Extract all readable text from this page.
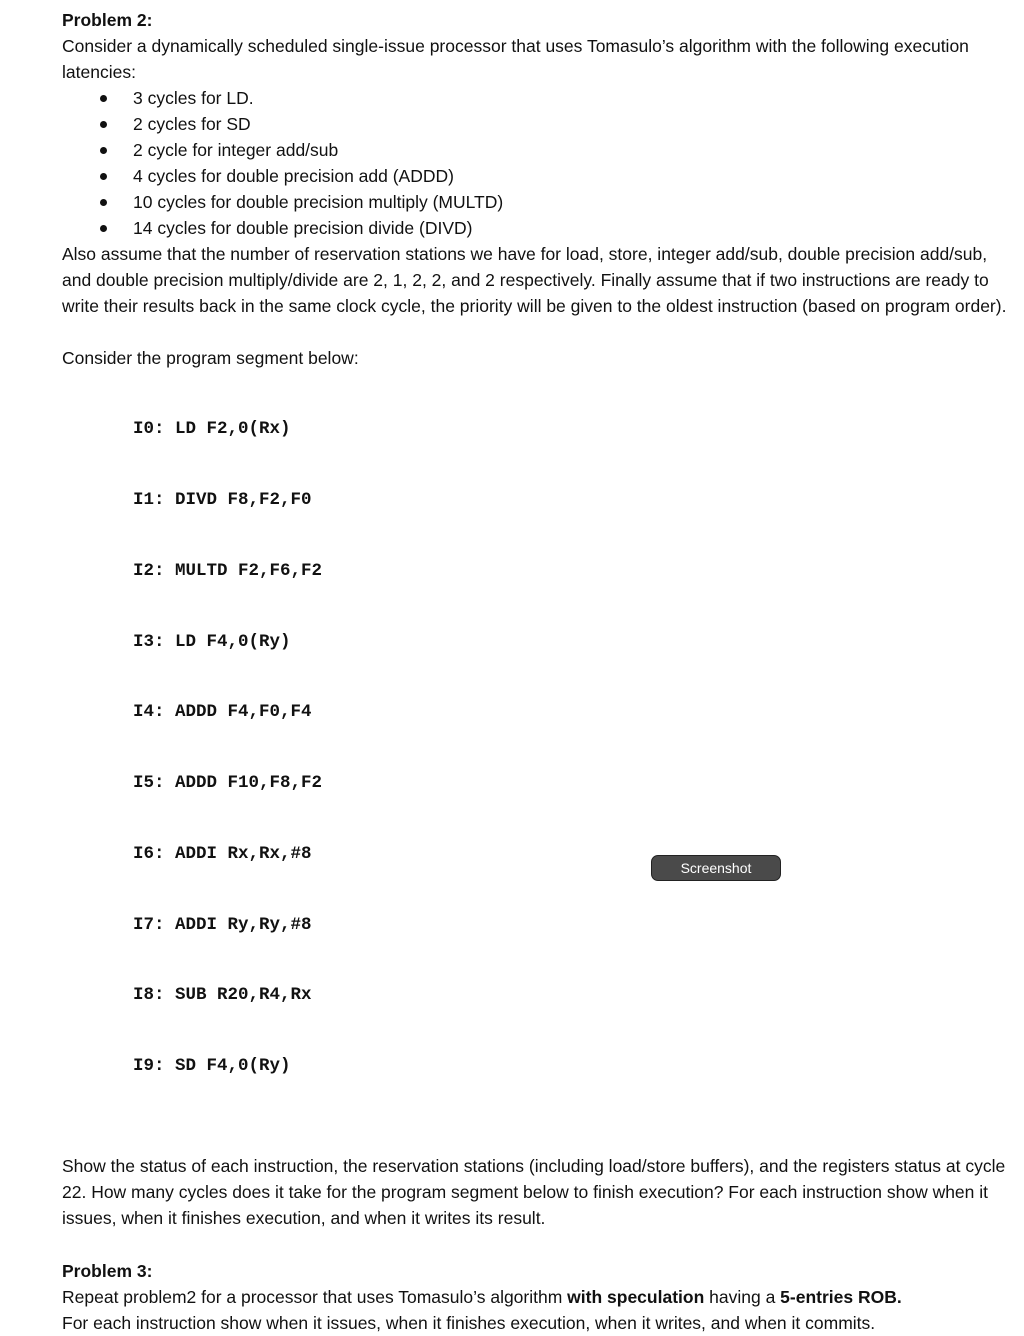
Problem 2:

Consider a dynamically scheduled single-issue processor that uses Tomasulo’s algorithm with the following execution latencies:

3 cycles for LD.
2 cycles for SD
2 cycle for integer add/sub
4 cycles for double precision add (ADDD)
10 cycles for double precision multiply (MULTD)
14 cycles for double precision divide (DIVD)

Also assume that the number of reservation stations we have for load, store, integer add/sub, double precision add/sub, and double precision multiply/divide are 2, 1, 2, 2, and 2 respectively. Finally assume that if two instructions are ready to write their results back in the same clock cycle, the priority will be given to the oldest instruction (based on program order).

Consider the program segment below:

I0: LD F2,0(Rx)

I1: DIVD F8,F2,F0

I2: MULTD F2,F6,F2

I3: LD F4,0(Ry)

I4: ADDD F4,F0,F4

I5: ADDD F10,F8,F2

I6: ADDI Rx,Rx,#8

I7: ADDI Ry,Ry,#8

I8: SUB R20,R4,Rx

I9: SD F4,0(Ry)

Show the status of each instruction, the reservation stations (including load/store buffers), and the registers status at cycle 22. How many cycles does it take for the program segment below to finish execution? For each instruction show when it issues, when it finishes execution, and when it writes its result.

Problem 3:

Repeat problem2 for a processor that uses Tomasulo’s algorithm with speculation having a 5-entries ROB.
For each instruction show when it issues, when it finishes execution, when it writes, and when it commits.

Screenshot
